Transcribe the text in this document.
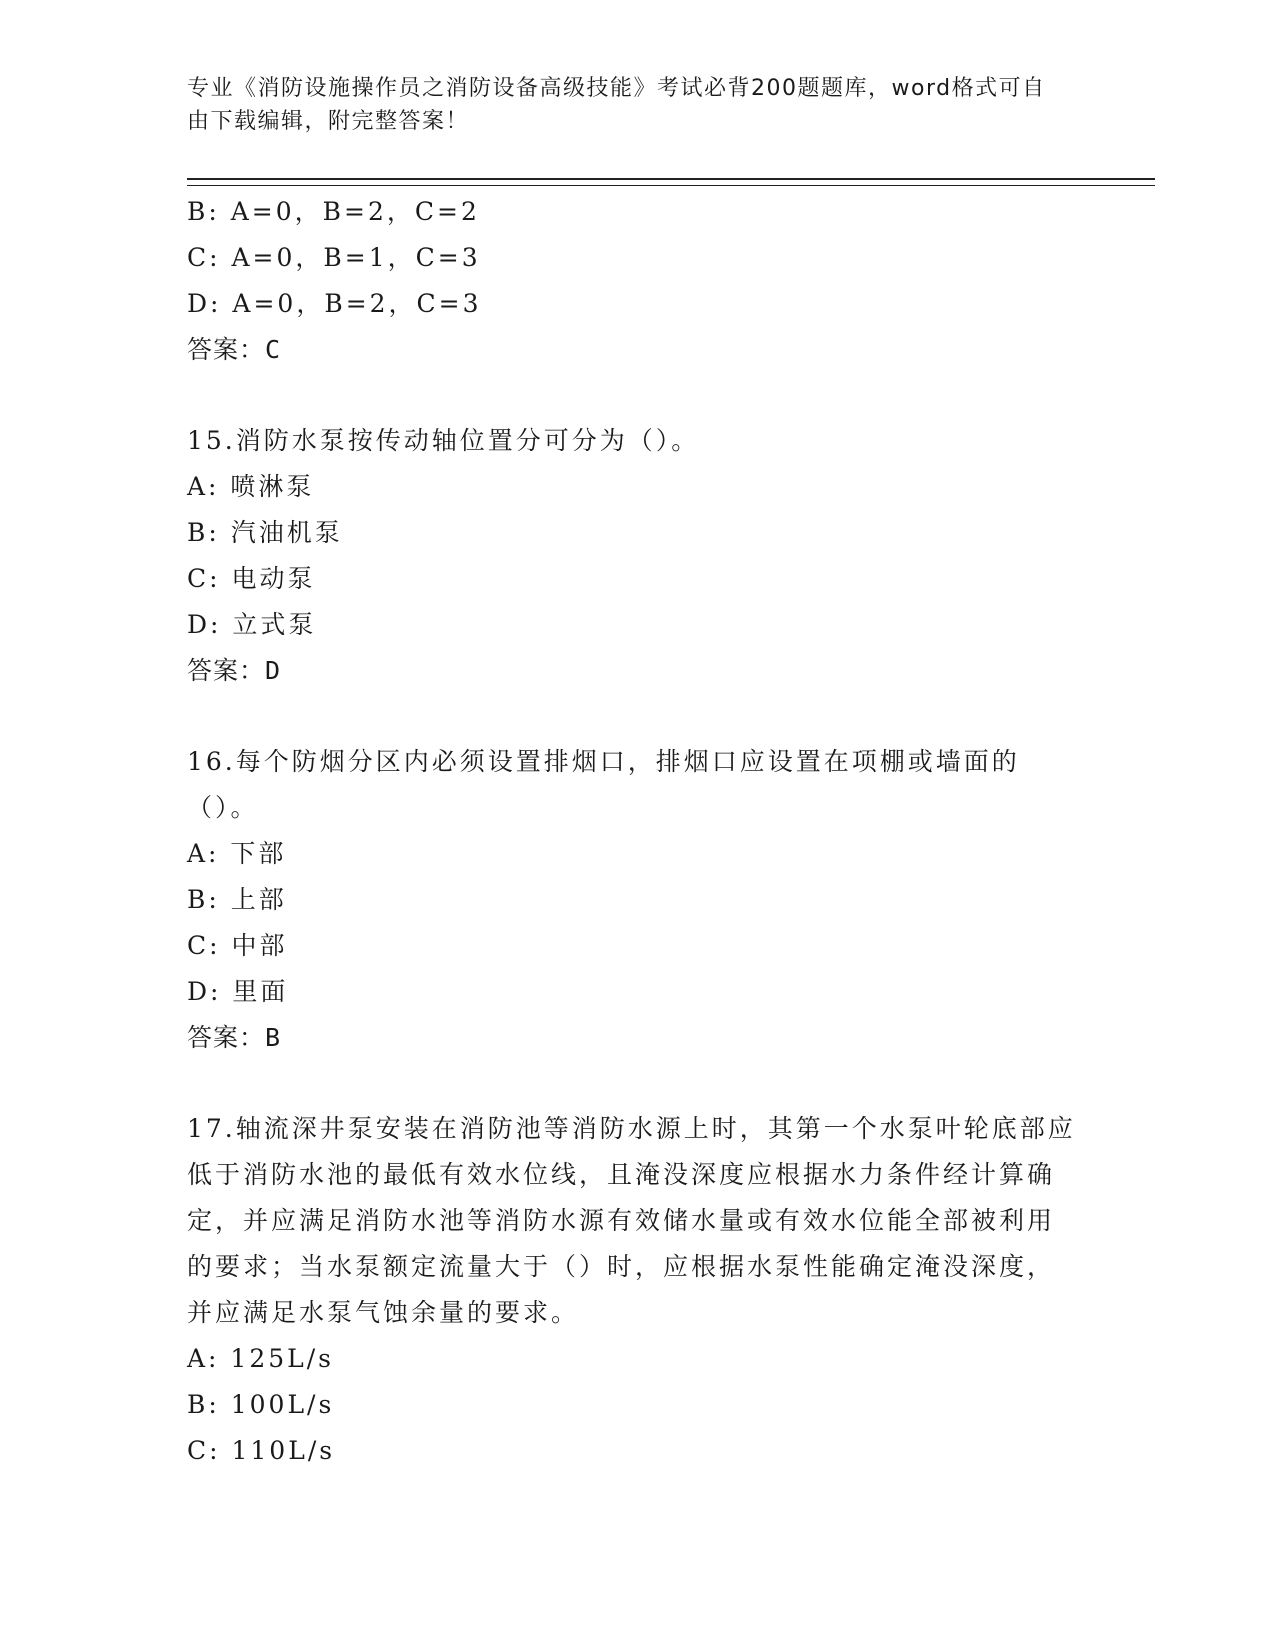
专业《消防设施操作员之消防设备高级技能》考试必背200题题库，word格式可自由下载编辑，附完整答案！
B: A=0，B=2，C=2
C: A=0，B=1，C=3
D: A=0，B=2，C=3
答案：C
15.消防水泵按传动轴位置分可分为（）。
A: 喷淋泵
B: 汽油机泵
C: 电动泵
D: 立式泵
答案：D
16.每个防烟分区内必须设置排烟口，排烟口应设置在项棚或墙面的（）。
A: 下部
B: 上部
C: 中部
D: 里面
答案：B
17.轴流深井泵安装在消防池等消防水源上时，其第一个水泵叶轮底部应低于消防水池的最低有效水位线，且淹没深度应根据水力条件经计算确定，并应满足消防水池等消防水源有效储水量或有效水位能全部被利用的要求；当水泵额定流量大于（）时，应根据水泵性能确定淹没深度，并应满足水泵气蚀余量的要求。
A: 125L/s
B: 100L/s
C: 110L/s
